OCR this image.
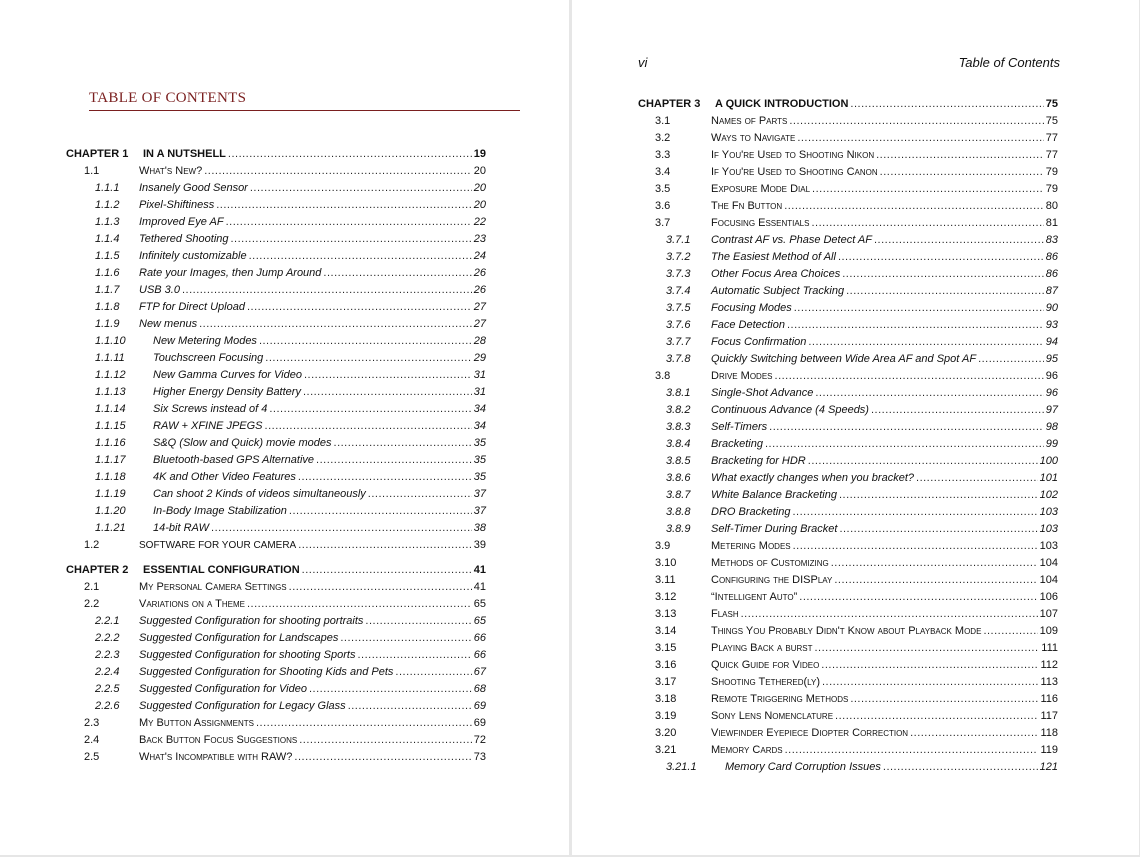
TABLE OF CONTENTS
CHAPTER 1 IN A NUTSHELL .....	19
1.1	What's New? .....	20
1.1.1 Insanely Good Sensor .....	20
1.1.2 Pixel-Shiftiness .....	20
1.1.3 Improved Eye AF .....	22
1.1.4 Tethered Shooting .....	23
1.1.5 Infinitely customizable .....	24
1.1.6 Rate your Images, then Jump Around .....	26
1.1.7 USB 3.0 .....	26
1.1.8 FTP for Direct Upload .....	27
1.1.9 New menus .....	27
1.1.10 New Metering Modes .....	28
1.1.11	Touchscreen Focusing .....	29
1.1.12 New Gamma Curves for Video .....	31
1.1.13 Higher Energy Density Battery .....	31
1.1.14 Six Screws instead of 4 .....	34
1.1.15 RAW + XFINE JPEGS .....	34
1.1.16 S&Q (Slow and Quick) movie modes .....	35
1.1.17 Bluetooth-based GPS Alternative .....	35
1.1.18 4K and Other Video Features .....	35
1.1.19 Can shoot 2 Kinds of videos simultaneously .....	37
1.1.20 In-Body Image Stabilization .....	37
1.1.21 14-bit RAW .....	38
1.2	SOFTWARE FOR YOUR CAMERA .....	39
CHAPTER 2 ESSENTIAL CONFIGURATION .....	41
2.1	My Personal Camera Settings .....	41
2.2	Variations on a Theme .....	65
2.2.1 Suggested Configuration for shooting portraits .....	65
2.2.2 Suggested Configuration for Landscapes .....	66
2.2.3 Suggested Configuration for shooting Sports .....	66
2.2.4 Suggested Configuration for Shooting Kids and Pets .....	67
2.2.5 Suggested Configuration for Video .....	68
2.2.6 Suggested Configuration for Legacy Glass .....	69
2.3	My Button Assignments .....	69
2.4	Back Button Focus Suggestions .....	72
2.5	What's Incompatible with RAW? .....	73
vi	Table of Contents
CHAPTER 3 A QUICK INTRODUCTION .....	75
3.1	Names of Parts .....	75
3.2	Ways to Navigate .....	77
3.3	If You're Used to Shooting Nikon .....	77
3.4	If You're Used to Shooting Canon .....	79
3.5	Exposure Mode Dial .....	79
3.6	The Fn Button .....	80
3.7	Focusing Essentials .....	81
3.7.1 Contrast AF vs. Phase Detect AF .....	83
3.7.2 The Easiest Method of All .....	86
3.7.3 Other Focus Area Choices .....	86
3.7.4 Automatic Subject Tracking .....	87
3.7.5 Focusing Modes .....	90
3.7.6 Face Detection .....	93
3.7.7 Focus Confirmation .....	94
3.7.8 Quickly Switching between Wide Area AF and Spot AF .....	95
3.8	Drive Modes .....	96
3.8.1 Single-Shot Advance .....	96
3.8.2 Continuous Advance (4 Speeds) .....	97
3.8.3 Self-Timers .....	98
3.8.4 Bracketing .....	99
3.8.5 Bracketing for HDR .....	100
3.8.6 What exactly changes when you bracket? .....	101
3.8.7 White Balance Bracketing .....	102
3.8.8 DRO Bracketing .....	103
3.8.9 Self-Timer During Bracket .....	103
3.9	Metering Modes .....	103
3.10	Methods of Customizing .....	104
3.11	Configuring the DISPlay .....	104
3.12	“Intelligent Auto” .....	106
3.13	Flash .....	107
3.14	Things You Probably Didn't Know about Playback Mode .....	109
3.15	Playing Back a burst .....	111
3.16	Quick Guide for Video .....	112
3.17	Shooting Tethered(ly) .....	113
3.18	Remote Triggering Methods .....	116
3.19	Sony Lens Nomenclature .....	117
3.20	Viewfinder Eyepiece Diopter Correction .....	118
3.21	Memory Cards .....	119
3.21.1	Memory Card Corruption Issues .....	121
